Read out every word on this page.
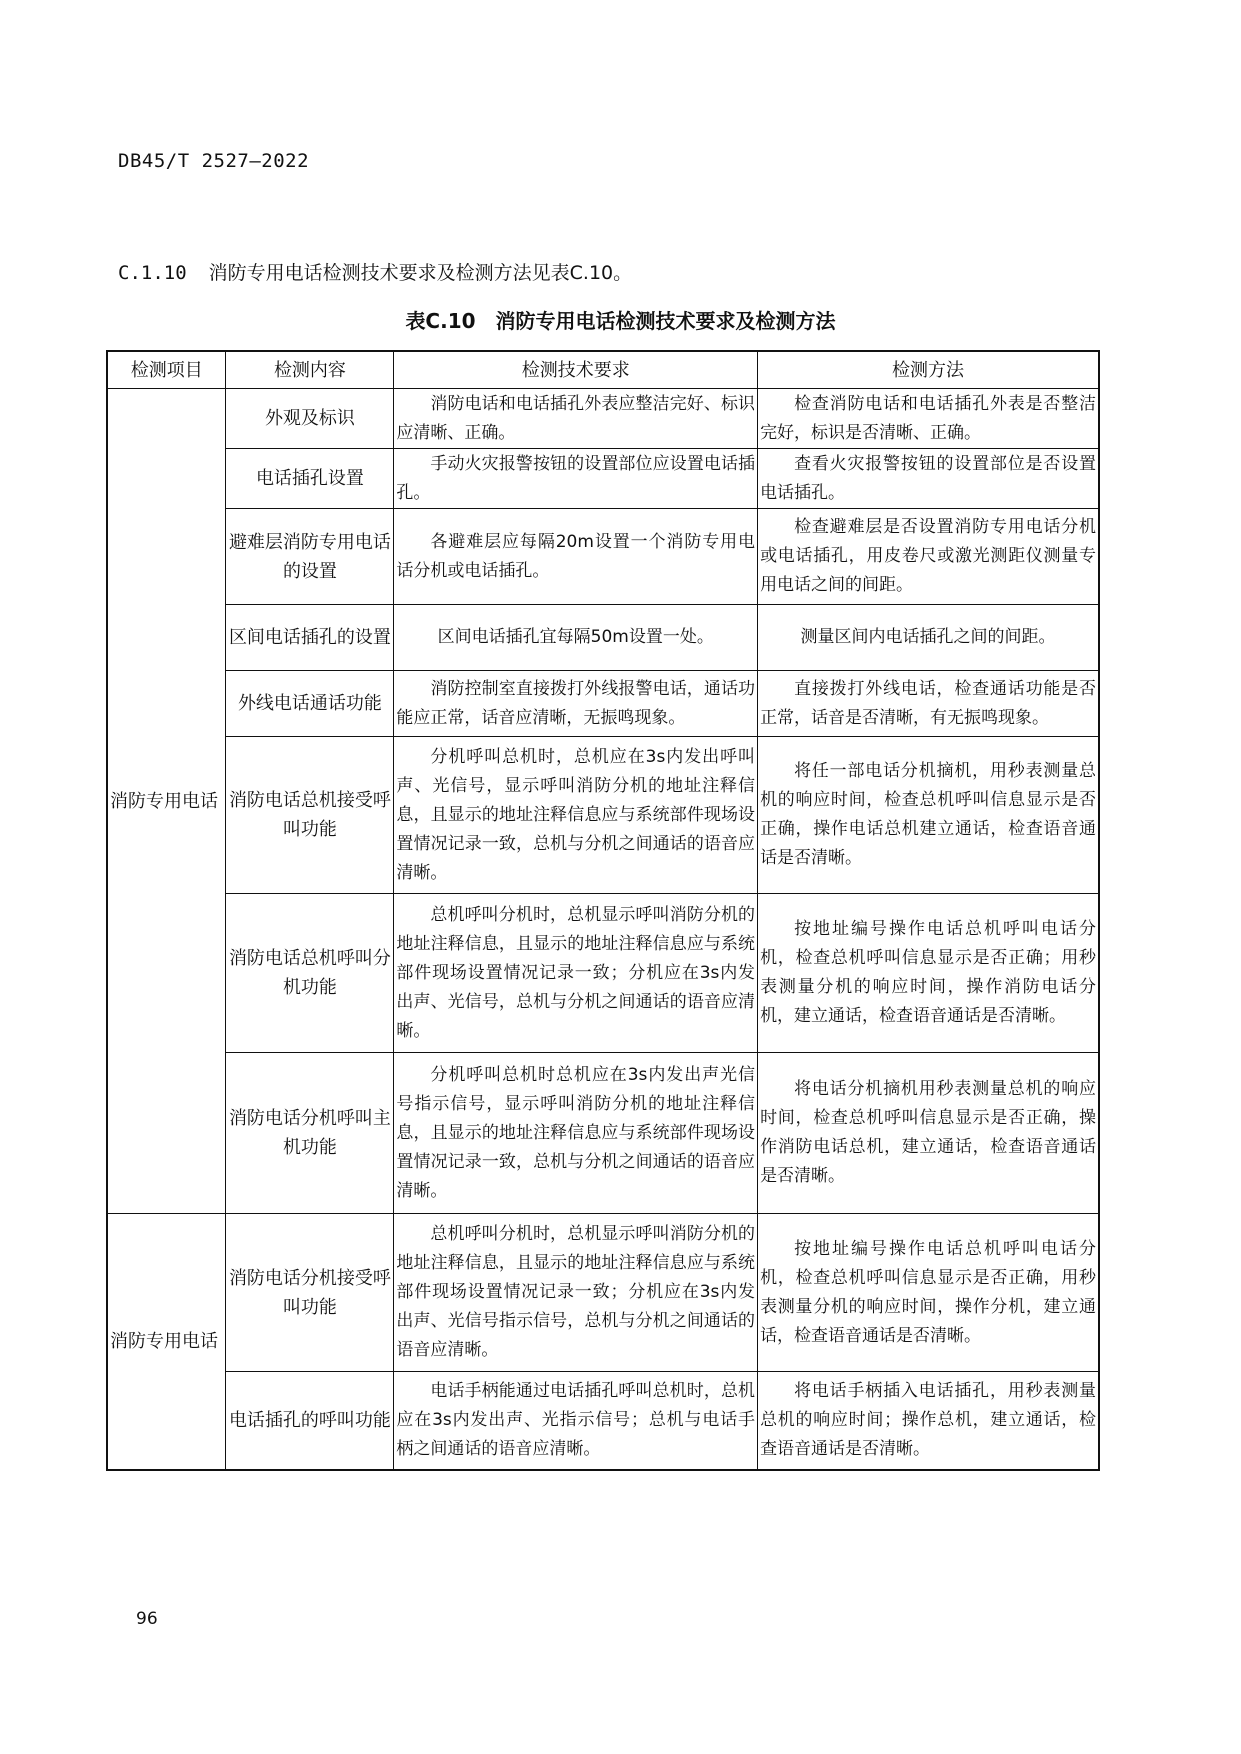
DB45/T 2527—2022
C.1.10 消防专用电话检测技术要求及检测方法见表C.10。
表C.10 消防专用电话检测技术要求及检测方法
检测项目	检测内容	检测技术要求	检测方法
消防专用电话	外观及标识	消防电话和电话插孔外表应整洁完好、标识应清晰、正确。	检查消防电话和电话插孔外表是否整洁完好，标识是否清晰、正确。
	电话插孔设置	手动火灾报警按钮的设置部位应设置电话插孔。	查看火灾报警按钮的设置部位是否设置电话插孔。
	避难层消防专用电话的设置	各避难层应每隔20m设置一个消防专用电话分机或电话插孔。	检查避难层是否设置消防专用电话分机或电话插孔，用皮卷尺或激光测距仪测量专用电话之间的间距。
	区间电话插孔的设置	区间电话插孔宜每隔50m设置一处。	测量区间内电话插孔之间的间距。
	外线电话通话功能	消防控制室直接拨打外线报警电话，通话功能应正常，话音应清晰，无振鸣现象。	直接拨打外线电话，检查通话功能是否正常，话音是否清晰，有无振鸣现象。
	消防电话总机接受呼叫功能	分机呼叫总机时，总机应在3s内发出呼叫声、光信号，显示呼叫消防分机的地址注释信息，且显示的地址注释信息应与系统部件现场设置情况记录一致，总机与分机之间通话的语音应清晰。	将任一部电话分机摘机，用秒表测量总机的响应时间，检查总机呼叫信息显示是否正确，操作电话总机建立通话，检查语音通话是否清晰。
	消防电话总机呼叫分机功能	总机呼叫分机时，总机显示呼叫消防分机的地址注释信息，且显示的地址注释信息应与系统部件现场设置情况记录一致；分机应在3s内发出声、光信号，总机与分机之间通话的语音应清晰。	按地址编号操作电话总机呼叫电话分机，检查总机呼叫信息显示是否正确；用秒表测量分机的响应时间，操作消防电话分机，建立通话，检查语音通话是否清晰。
	消防电话分机呼叫主机功能	分机呼叫总机时总机应在3s内发出声光信号指示信号，显示呼叫消防分机的地址注释信息，且显示的地址注释信息应与系统部件现场设置情况记录一致，总机与分机之间通话的语音应清晰。	将电话分机摘机用秒表测量总机的响应时间，检查总机呼叫信息显示是否正确，操作消防电话总机，建立通话，检查语音通话是否清晰。
消防专用电话	消防电话分机接受呼叫功能	总机呼叫分机时，总机显示呼叫消防分机的地址注释信息，且显示的地址注释信息应与系统部件现场设置情况记录一致；分机应在3s内发出声、光信号指示信号，总机与分机之间通话的语音应清晰。	按地址编号操作电话总机呼叫电话分机，检查总机呼叫信息显示是否正确，用秒表测量分机的响应时间，操作分机，建立通话，检查语音通话是否清晰。
	电话插孔的呼叫功能	电话手柄能通过电话插孔呼叫总机时，总机应在3s内发出声、光指示信号；总机与电话手柄之间通话的语音应清晰。	将电话手柄插入电话插孔，用秒表测量总机的响应时间；操作总机，建立通话，检查语音通话是否清晰。
96
